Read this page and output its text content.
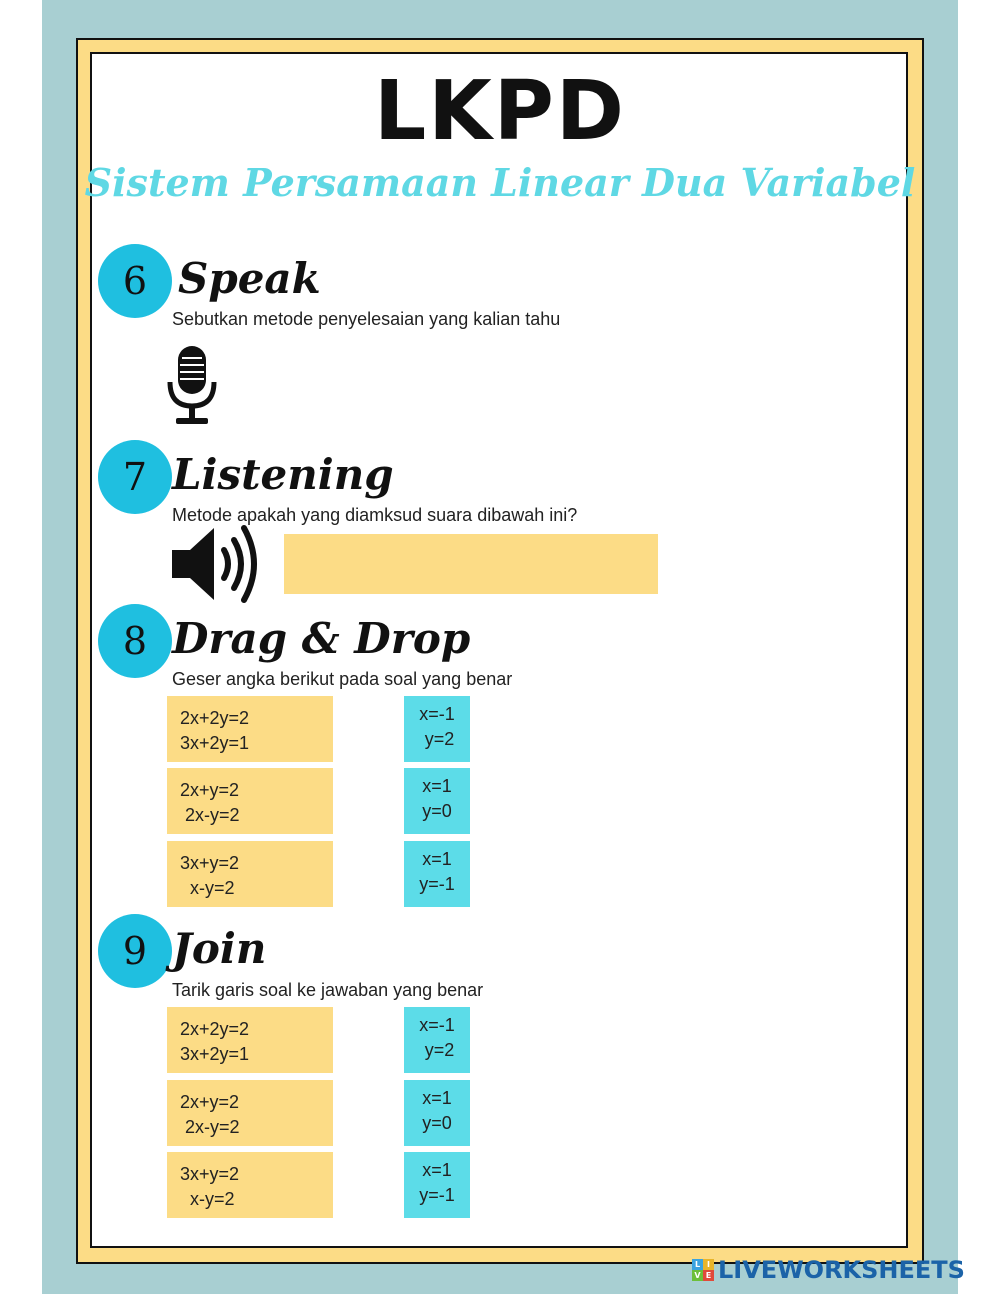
LKPD
Sistem Persamaan Linear Dua Variabel
6 Speak
Sebutkan metode penyelesaian yang kalian tahu
7 Listening
Metode apakah yang diamksud suara dibawah ini?
8 Drag & Drop
Geser angka berikut pada soal yang benar
2x+2y=2
3x+2y=1
2x+y=2
2x-y=2
3x+y=2
x-y=2
x=-1
y=2
x=1
y=0
x=1
y=-1
9 Join
Tarik garis soal ke jawaban yang benar
2x+2y=2
3x+2y=1
2x+y=2
2x-y=2
3x+y=2
x-y=2
x=-1
y=2
x=1
y=0
x=1
y=-1
L I
V E LIVEWORKSHEETS
